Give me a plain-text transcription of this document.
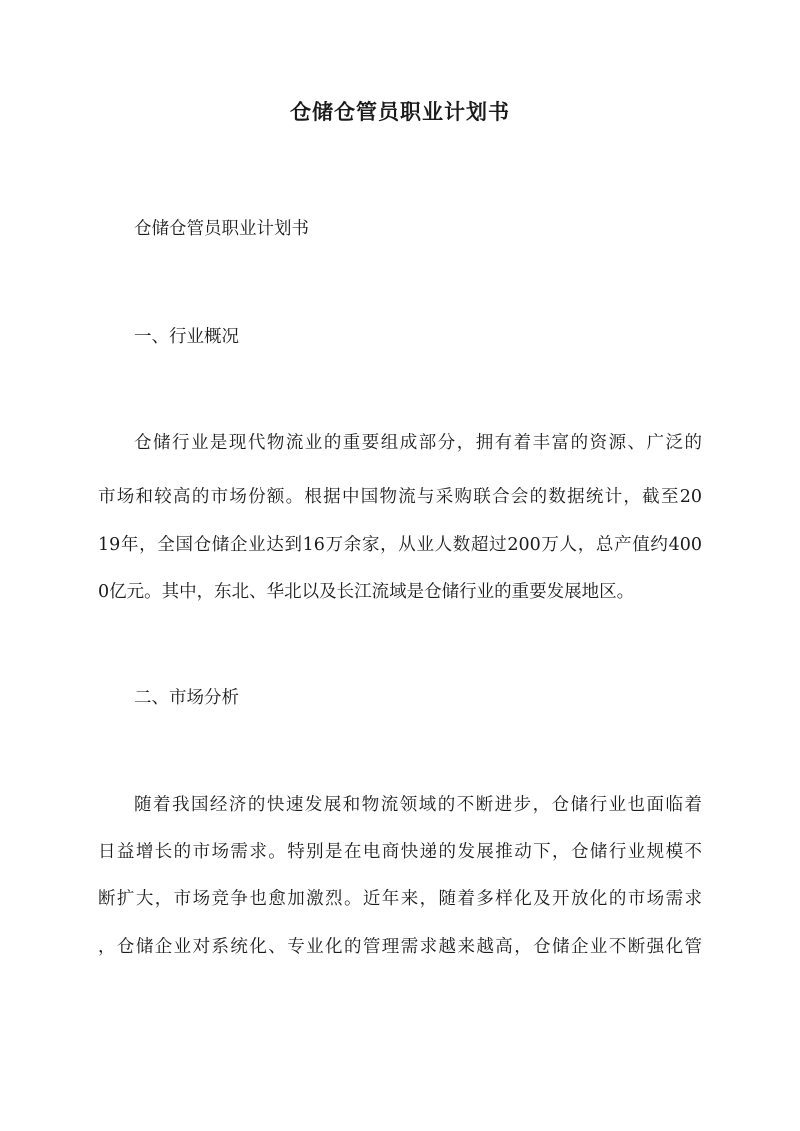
仓储仓管员职业计划书
仓储仓管员职业计划书
一、行业概况
仓储行业是现代物流业的重要组成部分，拥有着丰富的资源、广泛的
市场和较高的市场份额。根据中国物流与采购联合会的数据统计，截至20
19年，全国仓储企业达到16万余家，从业人数超过200万人，总产值约400
0亿元。其中，东北、华北以及长江流域是仓储行业的重要发展地区。
二、市场分析
随着我国经济的快速发展和物流领域的不断进步，仓储行业也面临着
日益增长的市场需求。特别是在电商快递的发展推动下，仓储行业规模不
断扩大，市场竞争也愈加激烈。近年来，随着多样化及开放化的市场需求
，仓储企业对系统化、专业化的管理需求越来越高，仓储企业不断强化管
